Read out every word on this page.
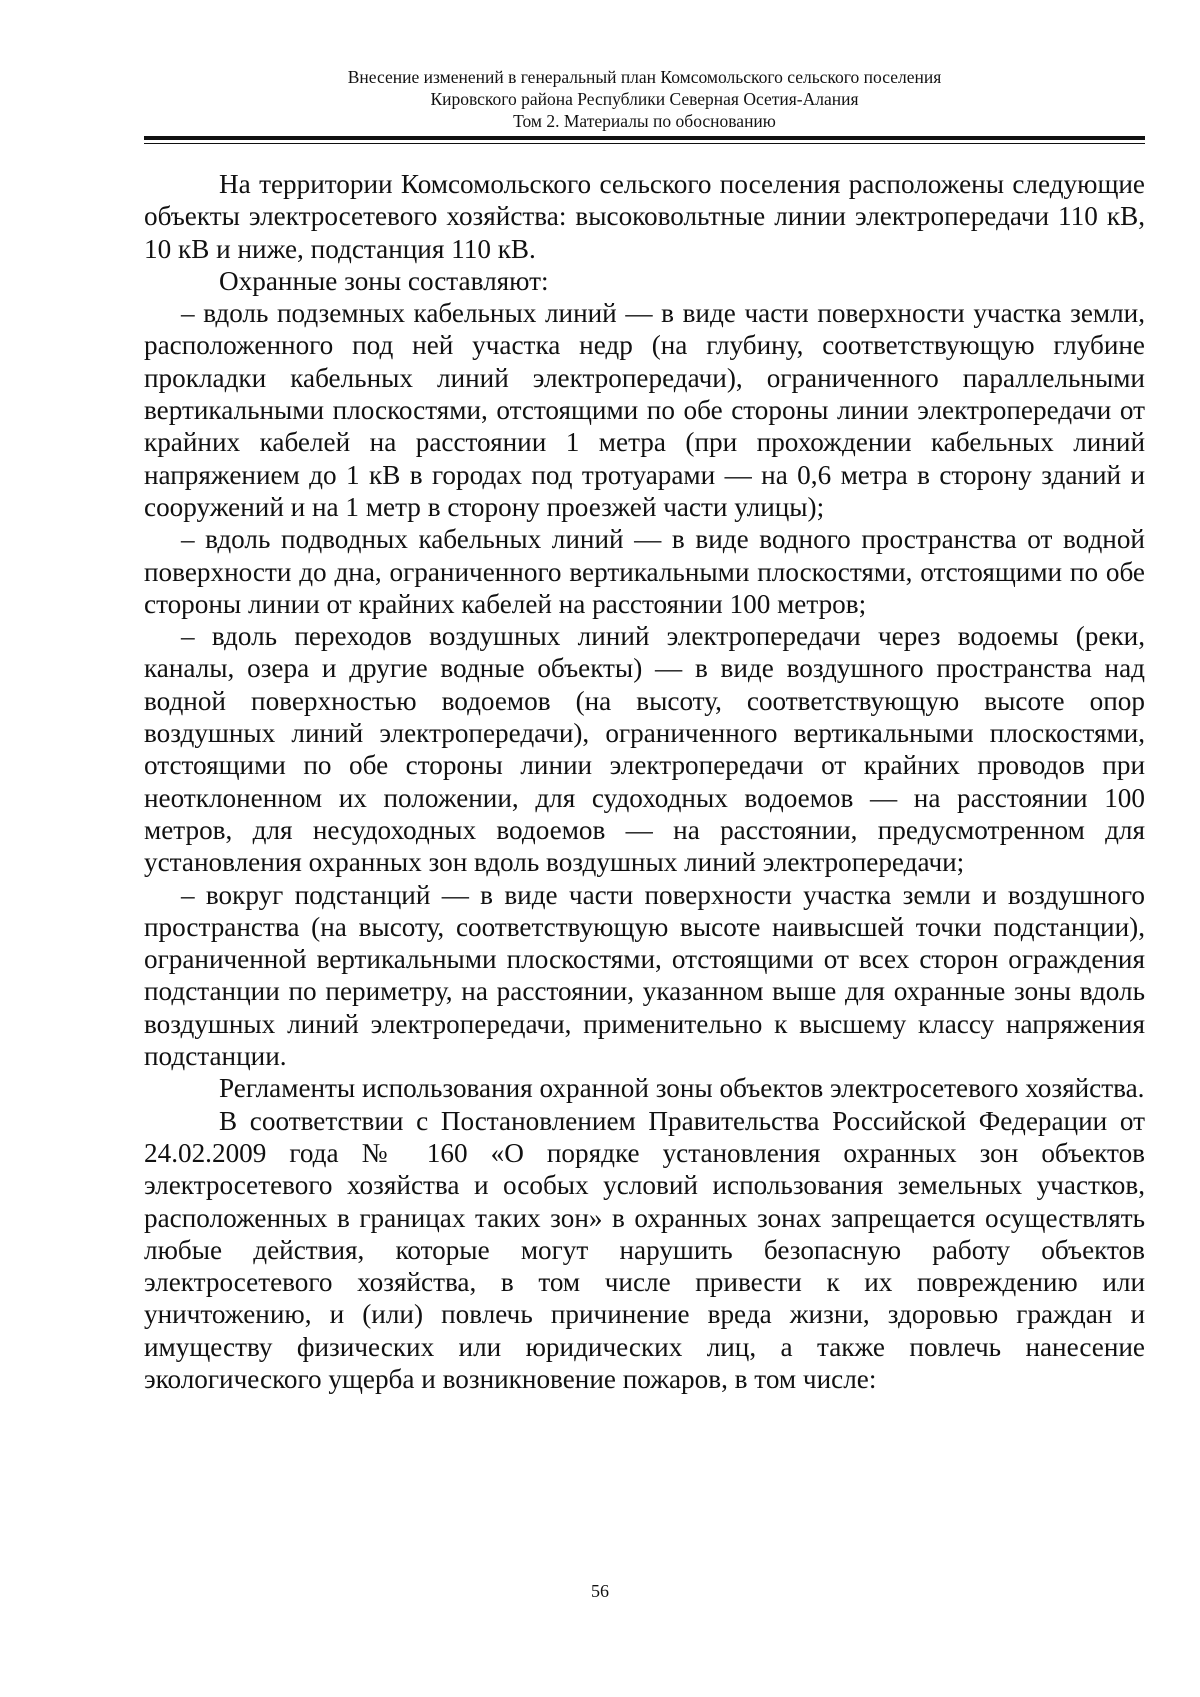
Внесение изменений в генеральный план Комсомольского сельского поселения
Кировского района Республики Северная Осетия-Алания
Том 2. Материалы по обоснованию

На территории Комсомольского сельского поселения расположены следующие объекты электросетевого хозяйства: высоковольтные линии электропередачи 110 кВ, 10 кВ и ниже, подстанция 110 кВ.

Охранные зоны составляют:

– вдоль подземных кабельных линий — в виде части поверхности участка земли, расположенного под ней участка недр (на глубину, соответствующую глубине прокладки кабельных линий электропередачи), ограниченного параллельными вертикальными плоскостями, отстоящими по обе стороны линии электропередачи от крайних кабелей на расстоянии 1 метра (при прохождении кабельных линий напряжением до 1 кВ в городах под тротуарами — на 0,6 метра в сторону зданий и сооружений и на 1 метр в сторону проезжей части улицы);

– вдоль подводных кабельных линий — в виде водного пространства от водной поверхности до дна, ограниченного вертикальными плоскостями, отстоящими по обе стороны линии от крайних кабелей на расстоянии 100 метров;

– вдоль переходов воздушных линий электропередачи через водоемы (реки, каналы, озера и другие водные объекты) — в виде воздушного пространства над водной поверхностью водоемов (на высоту, соответствующую высоте опор воздушных линий электропередачи), ограниченного вертикальными плоскостями, отстоящими по обе стороны линии электропередачи от крайних проводов при неотклоненном их положении, для судоходных водоемов — на расстоянии 100 метров, для несудоходных водоемов — на расстоянии, предусмотренном для установления охранных зон вдоль воздушных линий электропередачи;

– вокруг подстанций — в виде части поверхности участка земли и воздушного пространства (на высоту, соответствующую высоте наивысшей точки подстанции), ограниченной вертикальными плоскостями, отстоящими от всех сторон ограждения подстанции по периметру, на расстоянии, указанном выше для охранные зоны вдоль воздушных линий электропередачи, применительно к высшему классу напряжения подстанции.

Регламенты использования охранной зоны объектов электросетевого хозяйства.

В соответствии с Постановлением Правительства Российской Федерации от 24.02.2009 года № 160 «О порядке установления охранных зон объектов электросетевого хозяйства и особых условий использования земельных участков, расположенных в границах таких зон» в охранных зонах запрещается осуществлять любые действия, которые могут нарушить безопасную работу объектов электросетевого хозяйства, в том числе привести к их повреждению или уничтожению, и (или) повлечь причинение вреда жизни, здоровью граждан и имуществу физических или юридических лиц, а также повлечь нанесение экологического ущерба и возникновение пожаров, в том числе:

56
